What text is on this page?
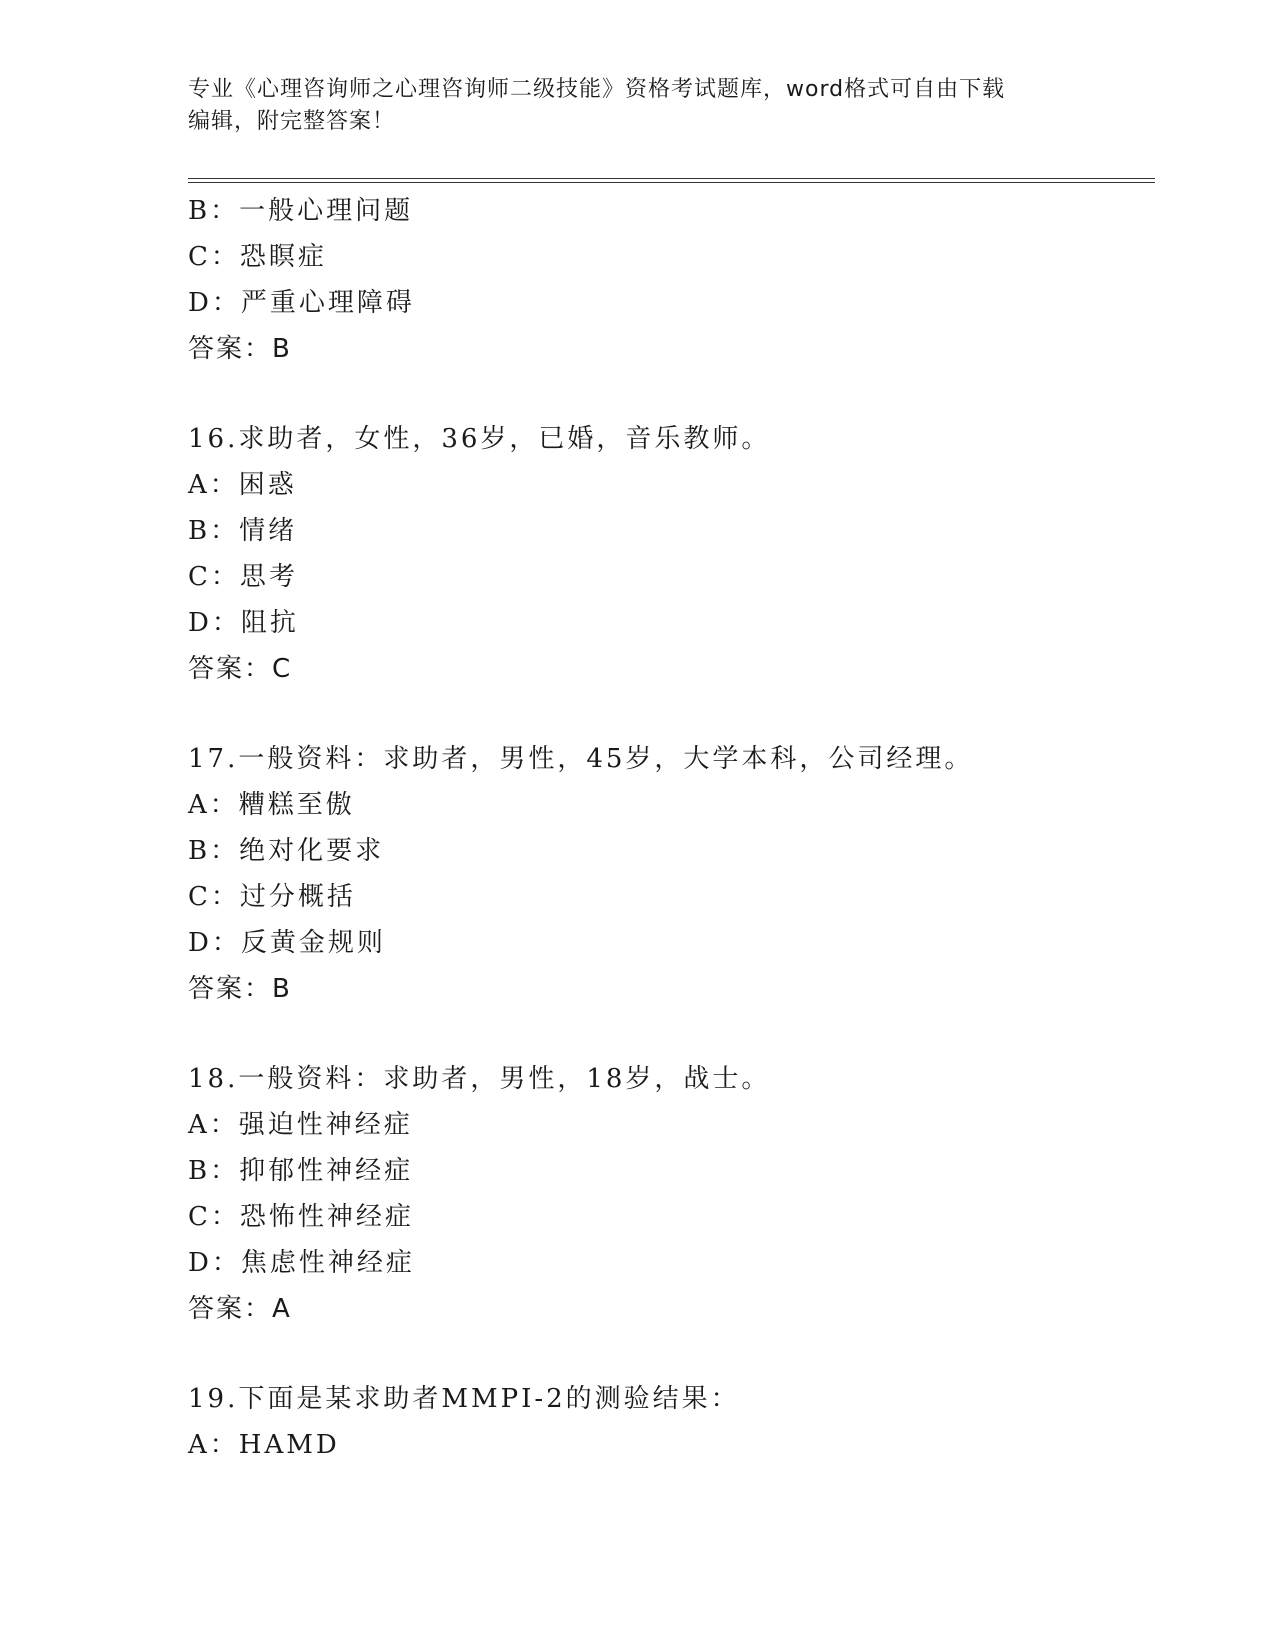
专业《心理咨询师之心理咨询师二级技能》资格考试题库，word格式可自由下载
编辑，附完整答案！
B：一般心理问题
C：恐瞑症
D：严重心理障碍
答案：B
16.求助者，女性，36岁，已婚，音乐教师。
A：困惑
B：情绪
C：思考
D：阻抗
答案：C
17.一般资料：求助者，男性，45岁，大学本科，公司经理。
A：糟糕至傲
B：绝对化要求
C：过分概括
D：反黄金规则
答案：B
18.一般资料：求助者，男性，18岁，战士。
A：强迫性神经症
B：抑郁性神经症
C：恐怖性神经症
D：焦虑性神经症
答案：A
19.下面是某求助者MMPI-2的测验结果：
A：HAMD
